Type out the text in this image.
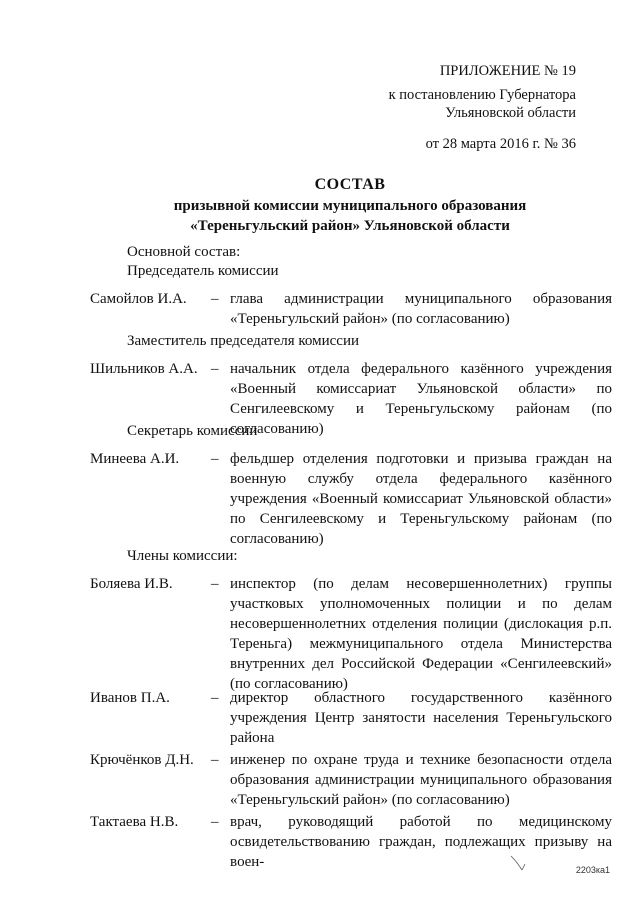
ПРИЛОЖЕНИЕ № 19
к постановлению Губернатора
Ульяновской области
от 28 марта 2016 г. № 36
СОСТАВ
призывной комиссии муниципального образования
«Тереньгульский район» Ульяновской области
Основной состав:
Председатель комиссии
Самойлов И.А. – глава администрации муниципального образования «Тереньгульский район» (по согласованию)
Заместитель председателя комиссии
Шильников А.А. – начальник отдела федерального казённого учреждения «Военный комиссариат Ульяновской области» по Сенгилеевскому и Тереньгульскому районам (по согласованию)
Секретарь комиссии
Минеева А.И. – фельдшер отделения подготовки и призыва граждан на военную службу отдела федерального казённого учреждения «Военный комиссариат Ульяновской области» по Сенгилеевскому и Тереньгульскому районам (по согласованию)
Члены комиссии:
Боляева И.В.	– инспектор (по делам несовершеннолетних) группы участковых уполномоченных полиции и по делам несовершеннолетних отделения полиции (дислокация р.п. Тереньга) межмуниципального отдела Министерства внутренних дел Российской Федерации «Сенгилеевский» (по согласованию)
Иванов П.А.	– директор областного государственного казённого учреждения Центр занятости населения Тереньгульского района
Крючёнков Д.Н. – инженер по охране труда и технике безопасности отдела образования администрации муниципального образования «Тереньгульский район» (по согласованию)
Тактаева Н.В. – врач, руководящий работой по медицинскому освидетельствованию граждан, подлежащих призыву на вoен-	2203ка1
